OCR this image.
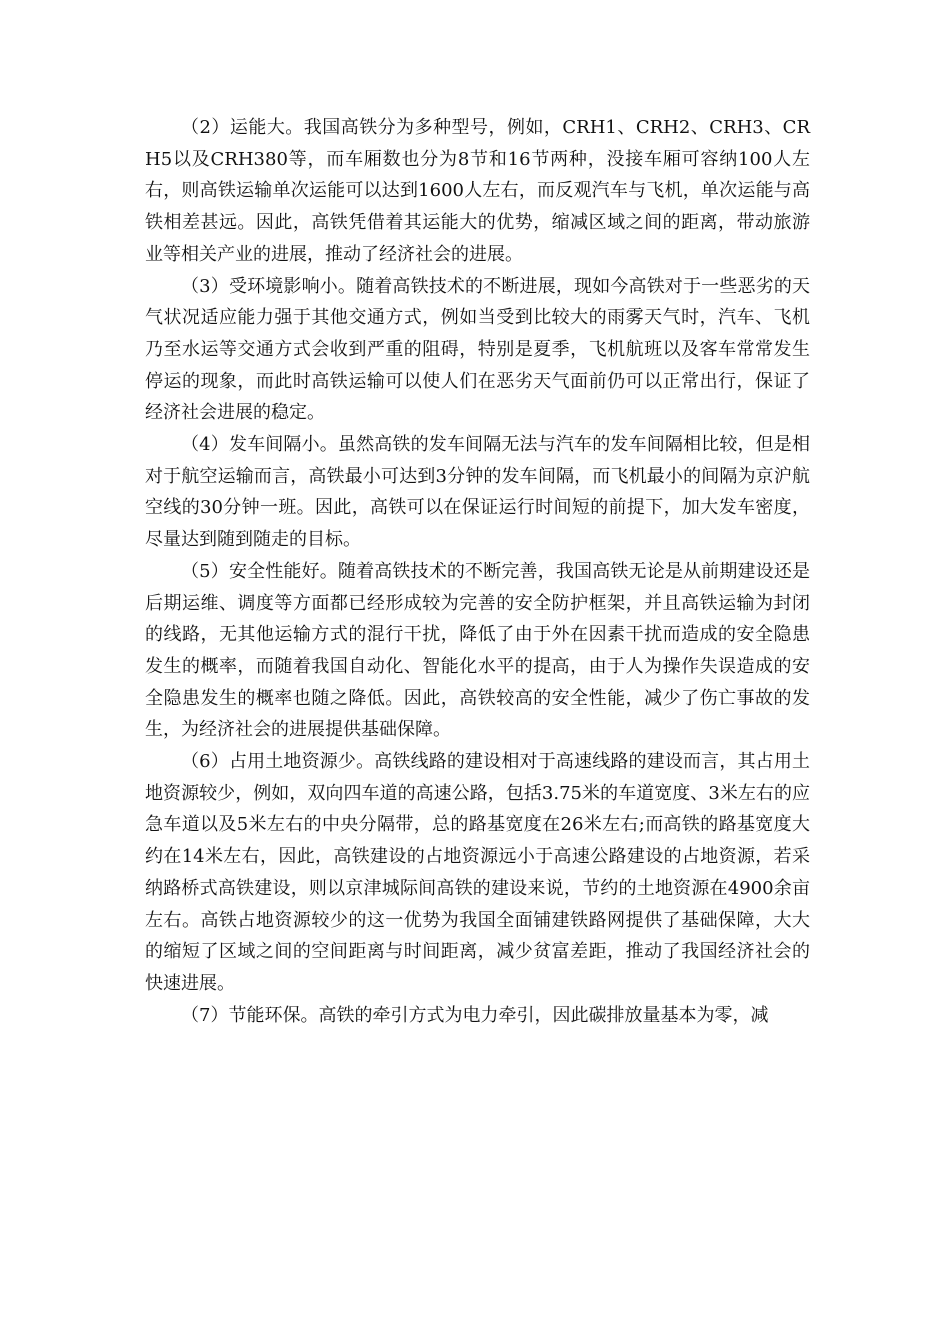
（2）运能大。我国高铁分为多种型号，例如，CRH1、CRH2、CRH3、CRH5以及CRH380等，而车厢数也分为8节和16节两种，没接车厢可容纳100人左右，则高铁运输单次运能可以达到1600人左右，而反观汽车与飞机，单次运能与高铁相差甚远。因此，高铁凭借着其运能大的优势，缩减区域之间的距离，带动旅游业等相关产业的进展，推动了经济社会的进展。

（3）受环境影响小。随着高铁技术的不断进展，现如今高铁对于一些恶劣的天气状况适应能力强于其他交通方式，例如当受到比较大的雨雾天气时，汽车、飞机乃至水运等交通方式会收到严重的阻碍，特别是夏季，飞机航班以及客车常常发生停运的现象，而此时高铁运输可以使人们在恶劣天气面前仍可以正常出行，保证了经济社会进展的稳定。

（4）发车间隔小。虽然高铁的发车间隔无法与汽车的发车间隔相比较，但是相对于航空运输而言，高铁最小可达到3分钟的发车间隔，而飞机最小的间隔为京沪航空线的30分钟一班。因此，高铁可以在保证运行时间短的前提下，加大发车密度，尽量达到随到随走的目标。

（5）安全性能好。随着高铁技术的不断完善，我国高铁无论是从前期建设还是后期运维、调度等方面都已经形成较为完善的安全防护框架，并且高铁运输为封闭的线路，无其他运输方式的混行干扰，降低了由于外在因素干扰而造成的安全隐患发生的概率，而随着我国自动化、智能化水平的提高，由于人为操作失误造成的安全隐患发生的概率也随之降低。因此，高铁较高的安全性能，减少了伤亡事故的发生，为经济社会的进展提供基础保障。

（6）占用土地资源少。高铁线路的建设相对于高速线路的建设而言，其占用土地资源较少，例如，双向四车道的高速公路，包括3.75米的车道宽度、3米左右的应急车道以及5米左右的中央分隔带，总的路基宽度在26米左右;而高铁的路基宽度大约在14米左右，因此，高铁建设的占地资源远小于高速公路建设的占地资源，若采纳路桥式高铁建设，则以京津城际间高铁的建设来说，节约的土地资源在4900余亩左右。高铁占地资源较少的这一优势为我国全面铺建铁路网提供了基础保障，大大的缩短了区域之间的空间距离与时间距离，减少贫富差距，推动了我国经济社会的快速进展。

（7）节能环保。高铁的牵引方式为电力牵引，因此碳排放量基本为零，减
